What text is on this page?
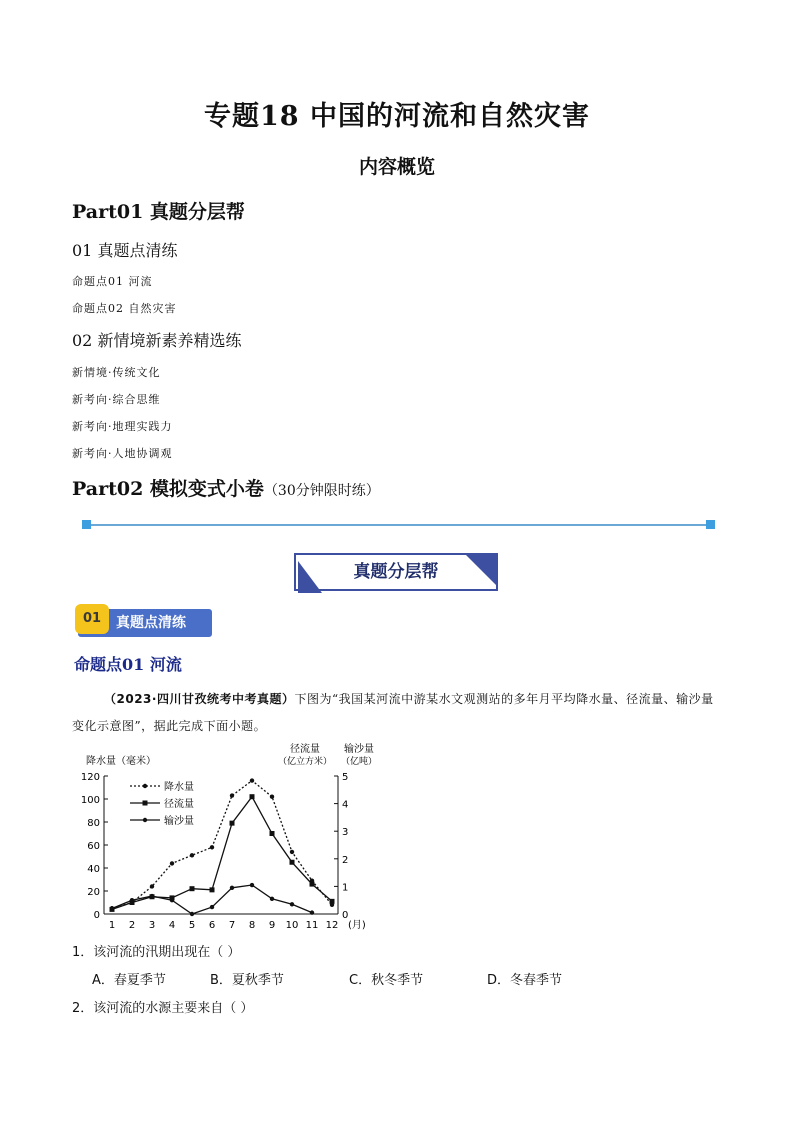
专题18 中国的河流和自然灾害
内容概览
Part01 真题分层帮
01 真题点清练
命题点01 河流
命题点02 自然灾害
02 新情境新素养精选练
新情境·传统文化
新考向·综合思维
新考向·地理实践力
新考向·人地协调观
Part02 模拟变式小卷（30分钟限时练）
真题分层帮
01	真题点清练
命题点01 河流
（2023·四川甘孜统考中考真题）下图为“我国某河流中游某水文观测站的多年月平均降水量、径流量、输沙量变化示意图”，据此完成下面小题。
降水量（毫米）
径流量
（亿立方米）
输沙量
（亿吨）
0
20
40
60
80
100
120
0
1
2
3
4
5
1 2 3 4 5 6 7 8 9 10 11 12 (月)
降水量
径流量
输沙量
1．该河流的汛期出现在（ ）
A．春夏季节	B．夏秋季节	C．秋冬季节	D．冬春季节
2．该河流的水源主要来自（ ）
